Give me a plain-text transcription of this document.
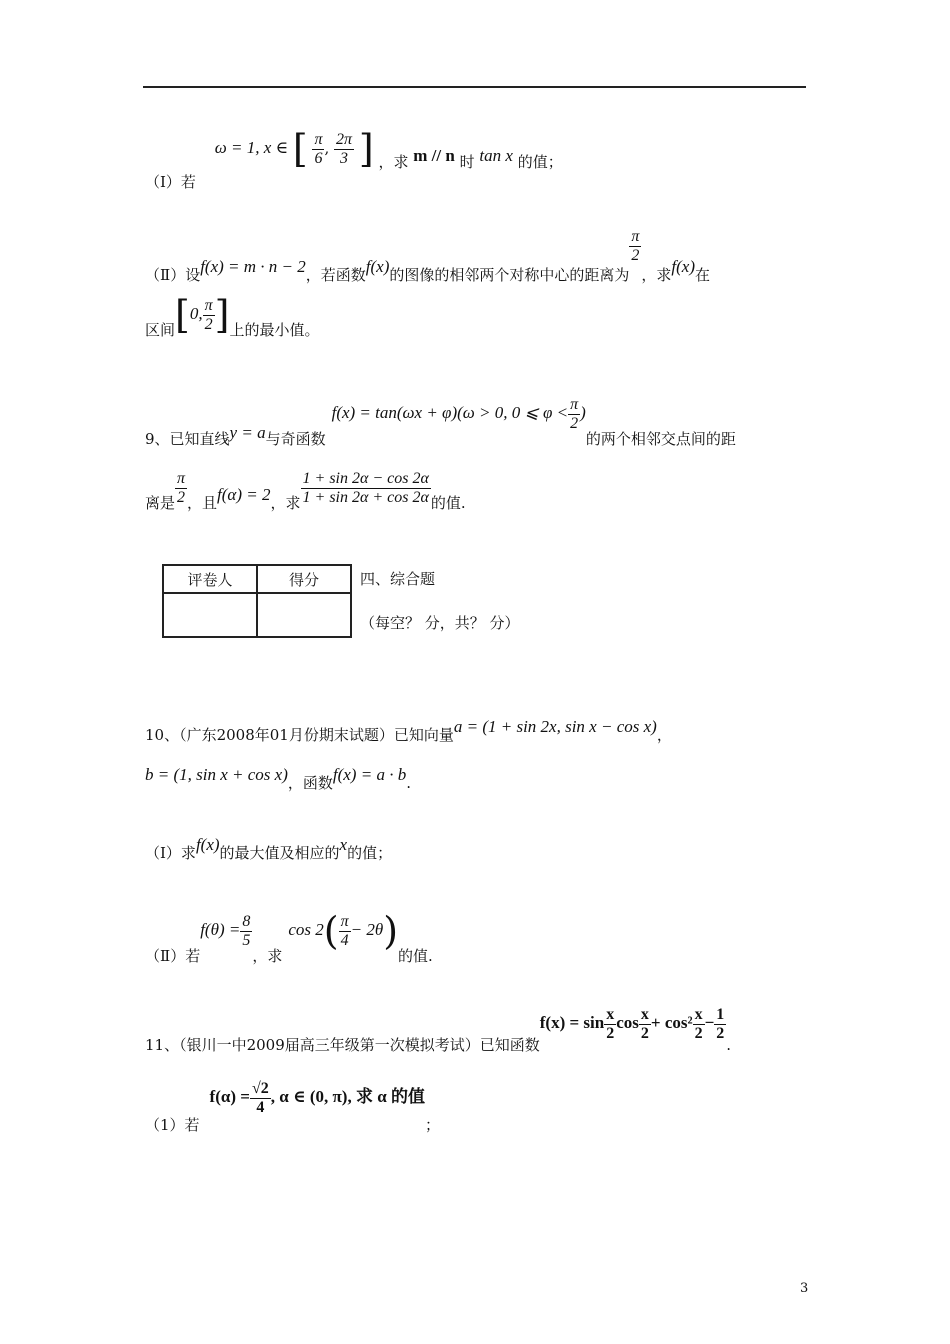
（Ⅰ）若 ω = 1, x ∈ [ $\frac{\pi}{6}$ , $\frac{2\pi}{3}$ ] ，求 m // n 时 tan x 的值；
（Ⅱ）设f(x) = m · n − 2，若函数f(x)的图像的相邻两个对称中心的距离为
$\frac{\pi}{2}$
，求f(x)在
区间[0, $\frac{\pi}{2}$ ]上的最小值。
9、已知直线y = a与奇函数f(x) = tan(ωx + φ)(ω > 0, 0 ⩽ $\varphi < \frac{\pi}{2}$ )的两个相邻交点间的距
离是 $\frac{\pi}{2}$ ，且f(α) = 2，求 $\frac{1 + \sin 2\alpha - \cos 2\alpha}{1 + \sin 2\alpha + \cos 2\alpha}$ 的值.
评卷人	得分
		四、综合题
（每空？ 分，共？ 分）
10、（广东2008年01月份期末试题）已知向量a = (1 + sin 2x, sin x − cos x)，
b = (1, sin x + cos x)，函数f(x) = a · b.
（Ⅰ）求f(x)的最大值及相应的x的值；
（Ⅱ）若$f(\theta) = \frac{8}{5}$
，求$\cos 2( \frac{\pi}{4} - 2\theta)$的值.
11、（银川一中2009届高三年级第一次模拟考试）已知函数$f(x) = \sin \frac{x}{2}$ $\cos \frac{x}{2} + \cos^2 \frac{x}{2} - \frac{1}{2}$
.
（1）若$f(\alpha) = \frac{√2}{4}$ , α ∈ (0, π), 求 α 的值；
3
